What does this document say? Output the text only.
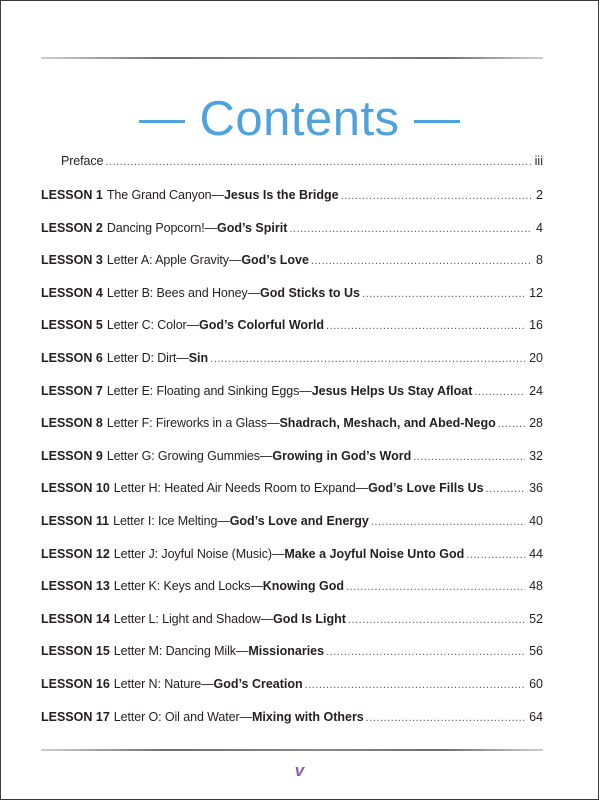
Contents
Preface .....	iii
LESSON 1 The Grand Canyon— Jesus Is the Bridge .....	2
LESSON 2 Dancing Popcorn!— God’s Spirit .....	4
LESSON 3 Letter A: Apple Gravity— God’s Love .....	8
LESSON 4 Letter B: Bees and Honey— God Sticks to Us .....	12
LESSON 5 Letter C: Color— God’s Colorful World .....	16
LESSON 6 Letter D: Dirt— Sin .....	20
LESSON 7 Letter E: Floating and Sinking Eggs— Jesus Helps Us Stay Afloat .....	24
LESSON 8 Letter F: Fireworks in a Glass— Shadrach, Meshach, and Abed-Nego .....	28
LESSON 9 Letter G: Growing Gummies— Growing in God’s Word .....	32
LESSON 10 Letter H: Heated Air Needs Room to Expand— God’s Love Fills Us .....	36
LESSON 11 Letter I: Ice Melting— God’s Love and Energy .....	40
LESSON 12 Letter J: Joyful Noise (Music)— Make a Joyful Noise Unto God .....	44
LESSON 13 Letter K: Keys and Locks— Knowing God .....	48
LESSON 14 Letter L: Light and Shadow— God Is Light .....	52
LESSON 15 Letter M: Dancing Milk— Missionaries .....	56
LESSON 16 Letter N: Nature— God’s Creation .....	60
LESSON 17 Letter O: Oil and Water— Mixing with Others .....	64
v
